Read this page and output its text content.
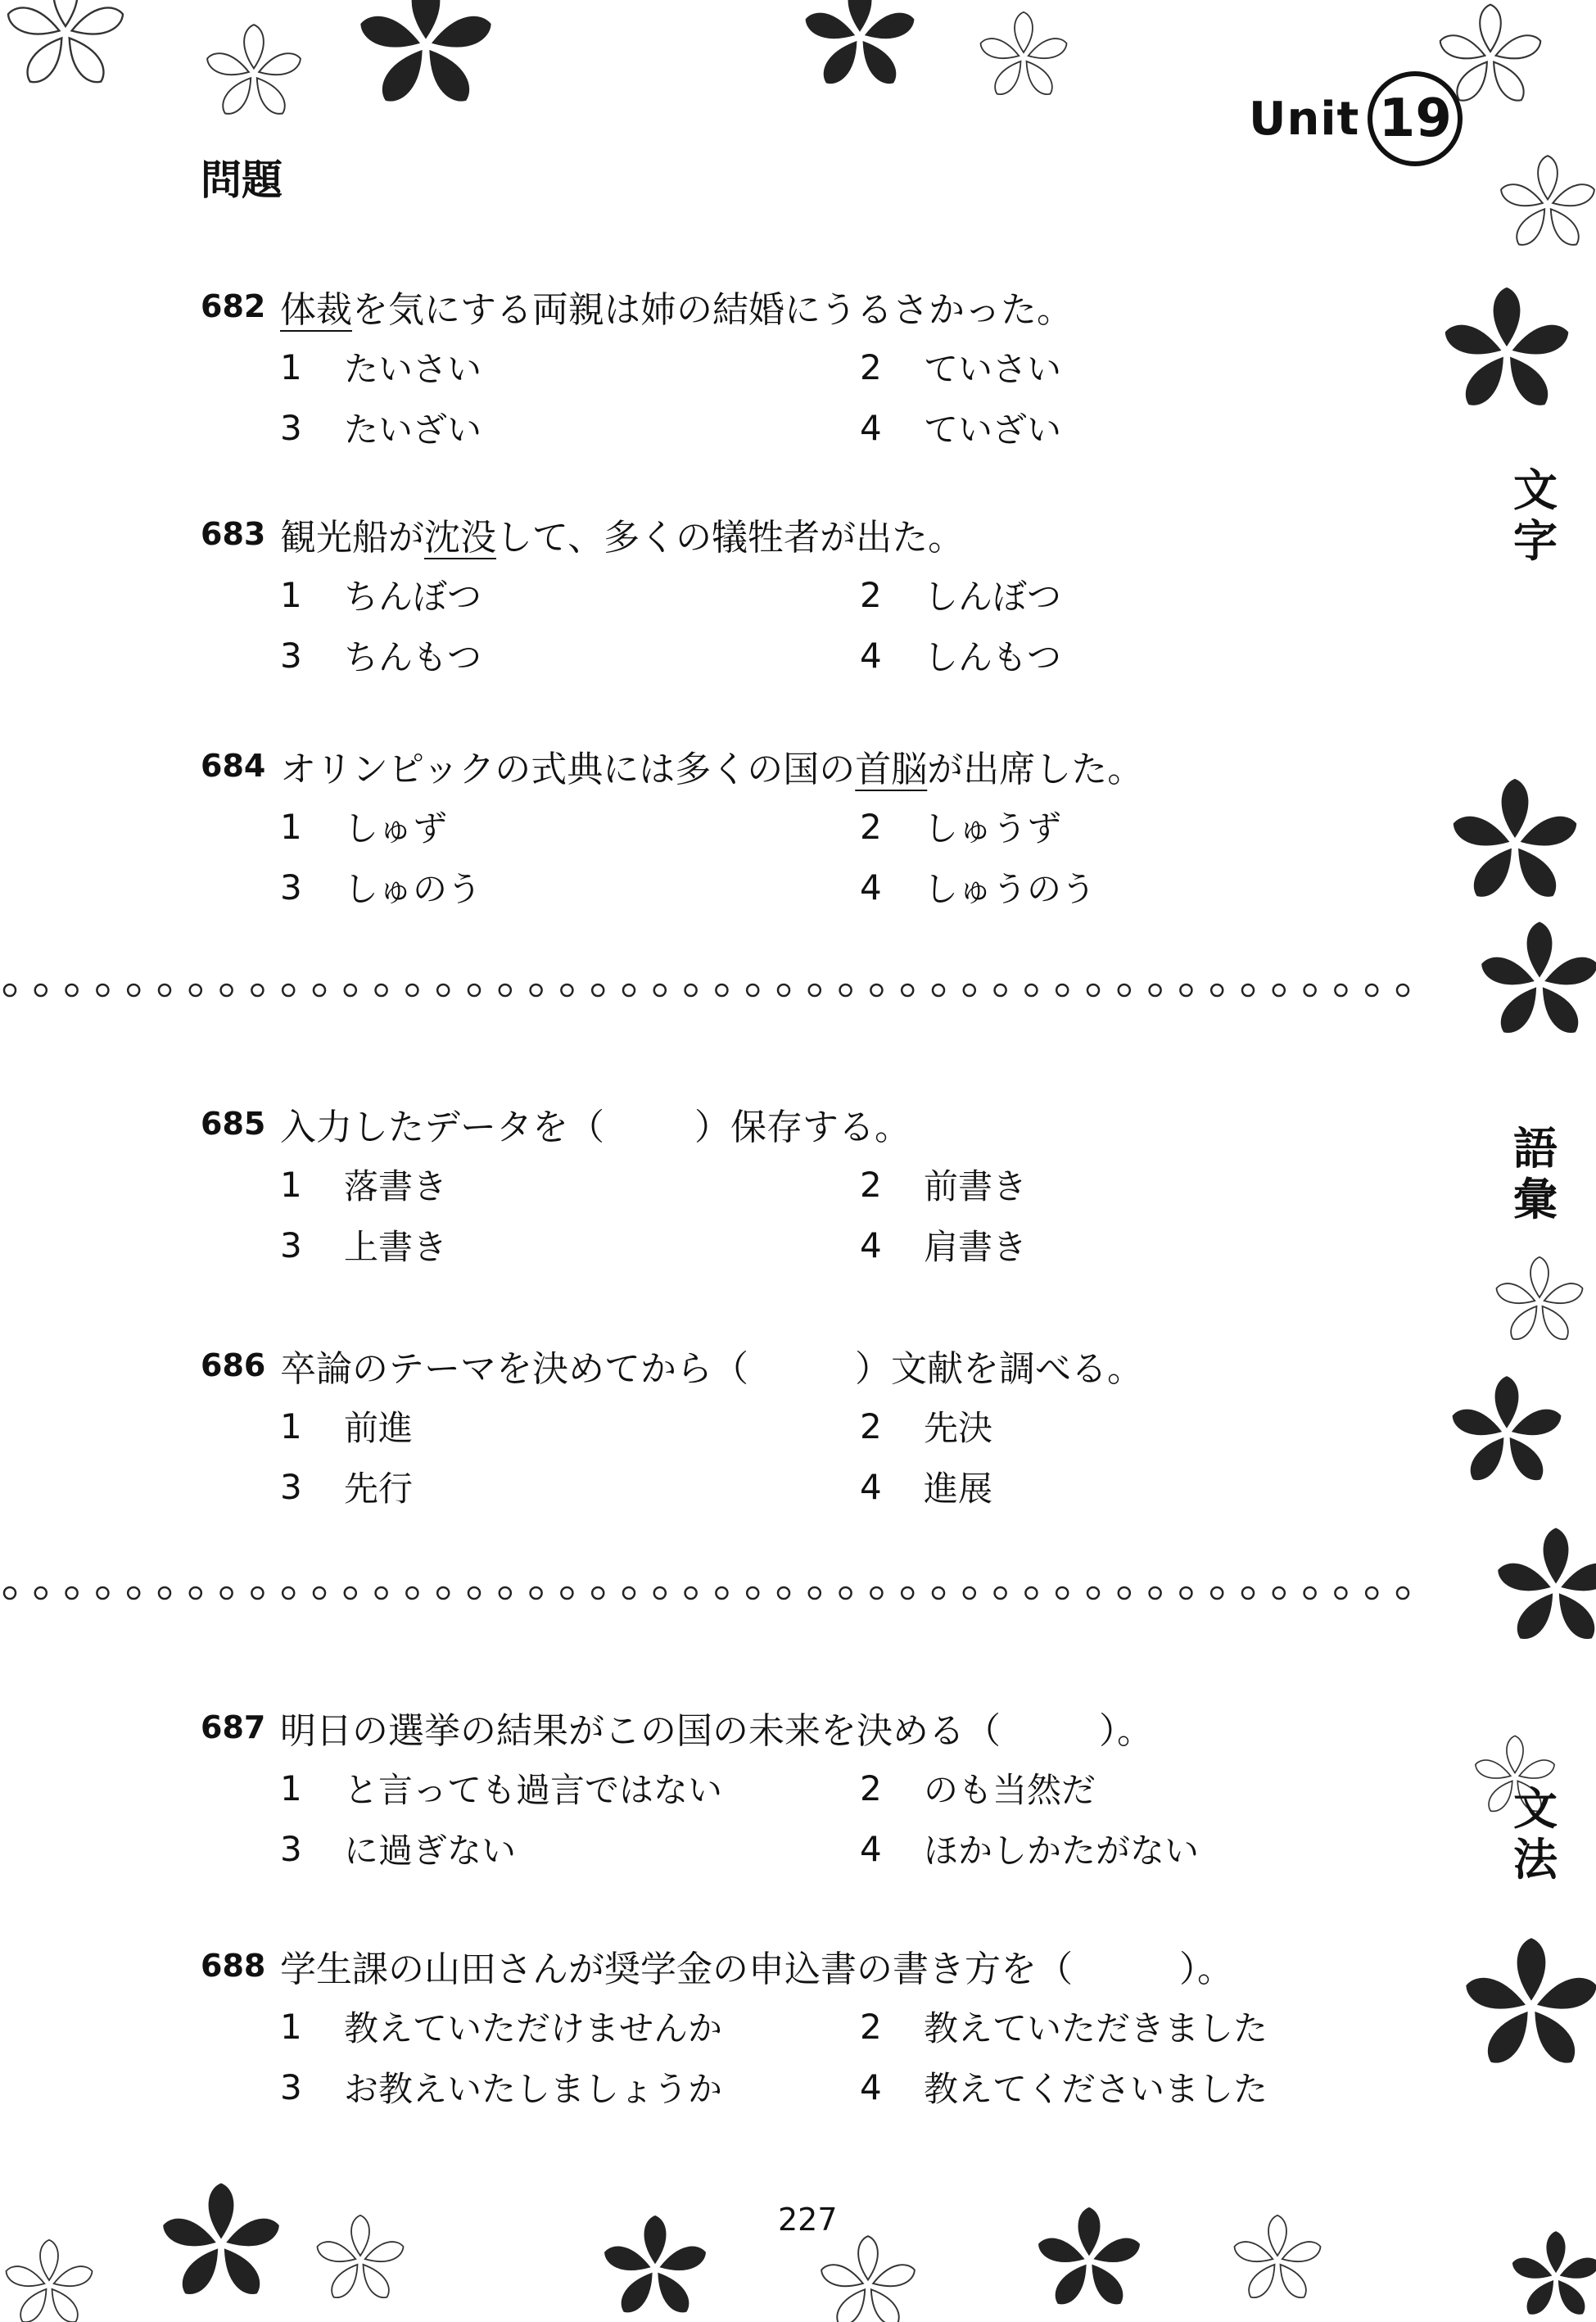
問題
Unit 19
文字
語彙
文法
682 体裁 を気にする両親は姉の結婚にうるさかった。
1	たいさい	2	ていさい
3	たいざい	4	ていざい
683 観光船が 沈没 して、多くの犠牲者が出た。
1	ちんぼつ	2	しんぼつ
3	ちんもつ	4	しんもつ
684 オリンピックの式典には多くの国の 首脳 が出席した。
1	しゅず	2	しゅうず
3	しゅのう	4	しゅうのう
685 入力したデータを（	）保存する。
1	落書き	2	前書き
3	上書き	4	肩書き
686 卒論のテーマを決めてから（	）文献を調べる。
1	前進	2	先決
3	先行	4	進展
687 明日の選挙の結果がこの国の未来を決める（	）。
1	と言っても過言ではない	2	のも当然だ
3	に過ぎない	4	ほかしかたがない
688 学生課の山田さんが奨学金の申込書の書き方を（	）。
1	教えていただけませんか	2	教えていただきました
3	お教えいたしましょうか	4	教えてくださいました
227
